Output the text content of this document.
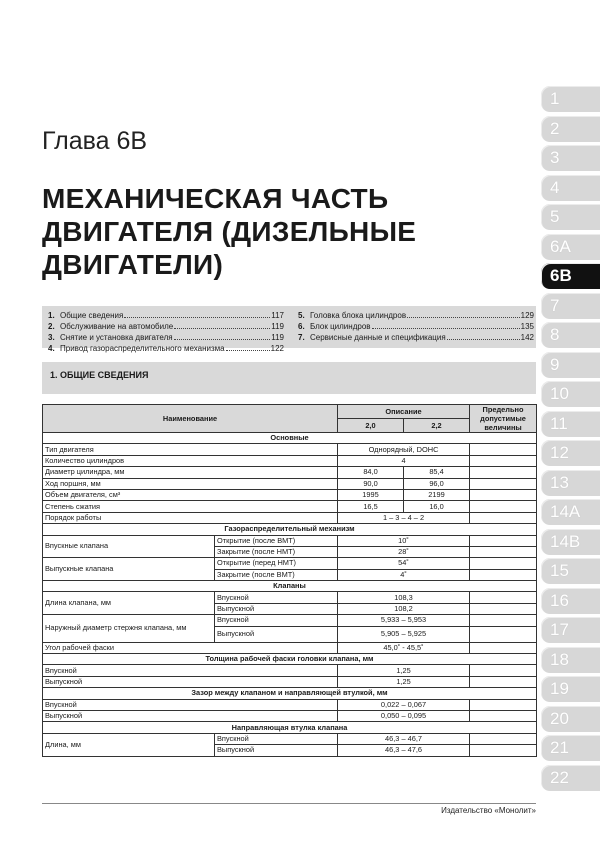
Глава 6В
МЕХАНИЧЕСКАЯ ЧАСТЬ
ДВИГАТЕЛЯ (ДИЗЕЛЬНЫЕ
ДВИГАТЕЛИ)
1. Общие сведения	117
2. Обслуживание на автомобиле	119
3. Снятие и установка двигателя	119
4. Привод газораспределительного механизма	122
5. Головка блока цилиндров	129
6. Блок цилиндров	135
7. Сервисные данные и спецификация	142
1. ОБЩИЕ СВЕДЕНИЯ
Наименование		Описание		Предельно допустимые величины
		2,0	2,2	
Основные				
Тип двигателя		Однорядный, DOHC		
Количество цилиндров		4		
Диаметр цилиндра, мм		84,0	85,4	
Ход поршня, мм		90,0	96,0	
Объем двигателя, см³		1995	2199	
Степень сжатия		16,5	16,0	
Порядок работы		1 – 3 – 4 – 2		
Газораспределительный механизм				
Впускные клапана	Открытие (после ВМТ)	10˚		
	Закрытие (после НМТ)	28˚		
Выпускные клапана	Открытие (перед НМТ)	54˚		
	Закрытие (после ВМТ)	4˚		
Клапаны				
Длина клапана, мм	Впускной	108,3		
	Выпускной	108,2		
Наружный диаметр стержня клапана, мм	Впускной	5,933 – 5,953		
	Выпускной	5,905 – 5,925		
Угол рабочей фаски		45,0˚ - 45,5˚		
Толщина рабочей фаски головки клапана, мм				
Впускной		1,25		
Выпускной		1,25		
Зазор между клапаном и направляющей втулкой, мм				
Впускной		0,022 – 0,067		
Выпускной		0,050 – 0,095		
Направляющая втулка клапана				
Длина, мм	Впускной	46,3 – 46,7		
	Выпускной	46,3 – 47,6		
Издательство «Монолит»
1
2
3
4
5
6A
6B
7
8
9
10
11
12
13
14A
14B
15
16
17
18
19
20
21
22
